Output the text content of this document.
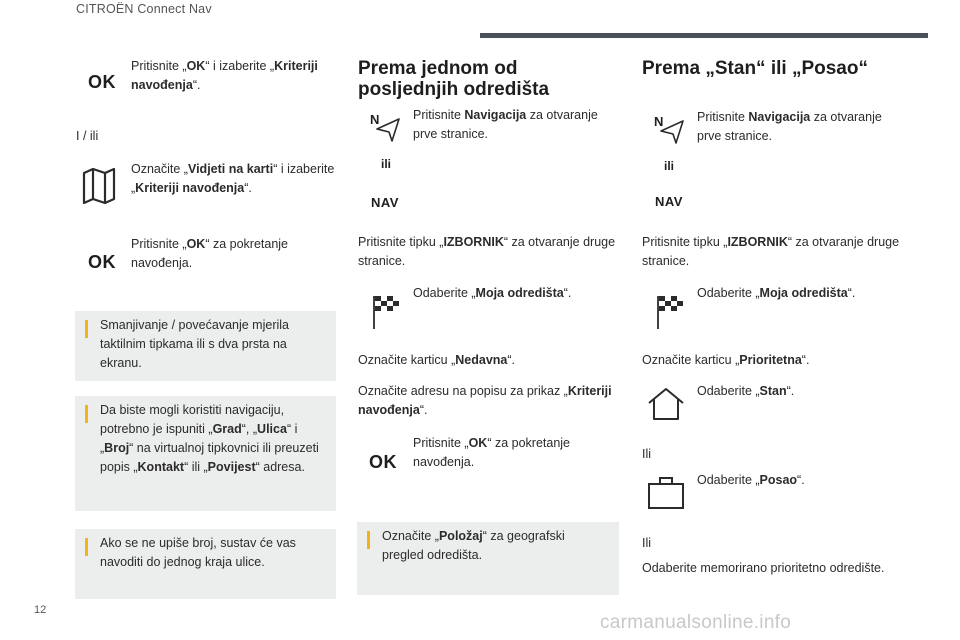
CITROËN Connect Nav
OK
Pritisnite „OK“ i izaberite „Kriteriji navođenja“.
I / ili
Označite „Vidjeti na karti“ i izaberite „Kriteriji navođenja“.
OK
Pritisnite „OK“ za pokretanje navođenja.
Smanjivanje / povećavanje mjerila taktilnim tipkama ili s dva prsta na ekranu.
Da biste mogli koristiti navigaciju, potrebno je ispuniti „Grad“, „Ulica“ i „Broj“ na virtualnoj tipkovnici ili preuzeti popis „Kontakt“ ili „Povijest“ adresa.
Ako se ne upiše broj, sustav će vas navoditi do jednog kraja ulice.
Prema jednom od posljednjih odredišta
N
ili
NAV
Pritisnite Navigacija za otvaranje prve stranice.
Pritisnite tipku „IZBORNIK“ za otvaranje druge stranice.
Odaberite „Moja odredišta“.
Označite karticu „Nedavna“.
Označite adresu na popisu za prikaz „Kriteriji navođenja“.
OK
Pritisnite „OK“ za pokretanje navođenja.
Označite „Položaj“ za geografski pregled odredišta.
Prema „Stan“ ili „Posao“
N
ili
NAV
Pritisnite Navigacija za otvaranje prve stranice.
Pritisnite tipku „IZBORNIK“ za otvaranje druge stranice.
Odaberite „Moja odredišta“.
Označite karticu „Prioritetna“.
Odaberite „Stan“.
Ili
Odaberite „Posao“.
Ili
Odaberite memorirano prioritetno odredište.
12
carmanualsonline.info
